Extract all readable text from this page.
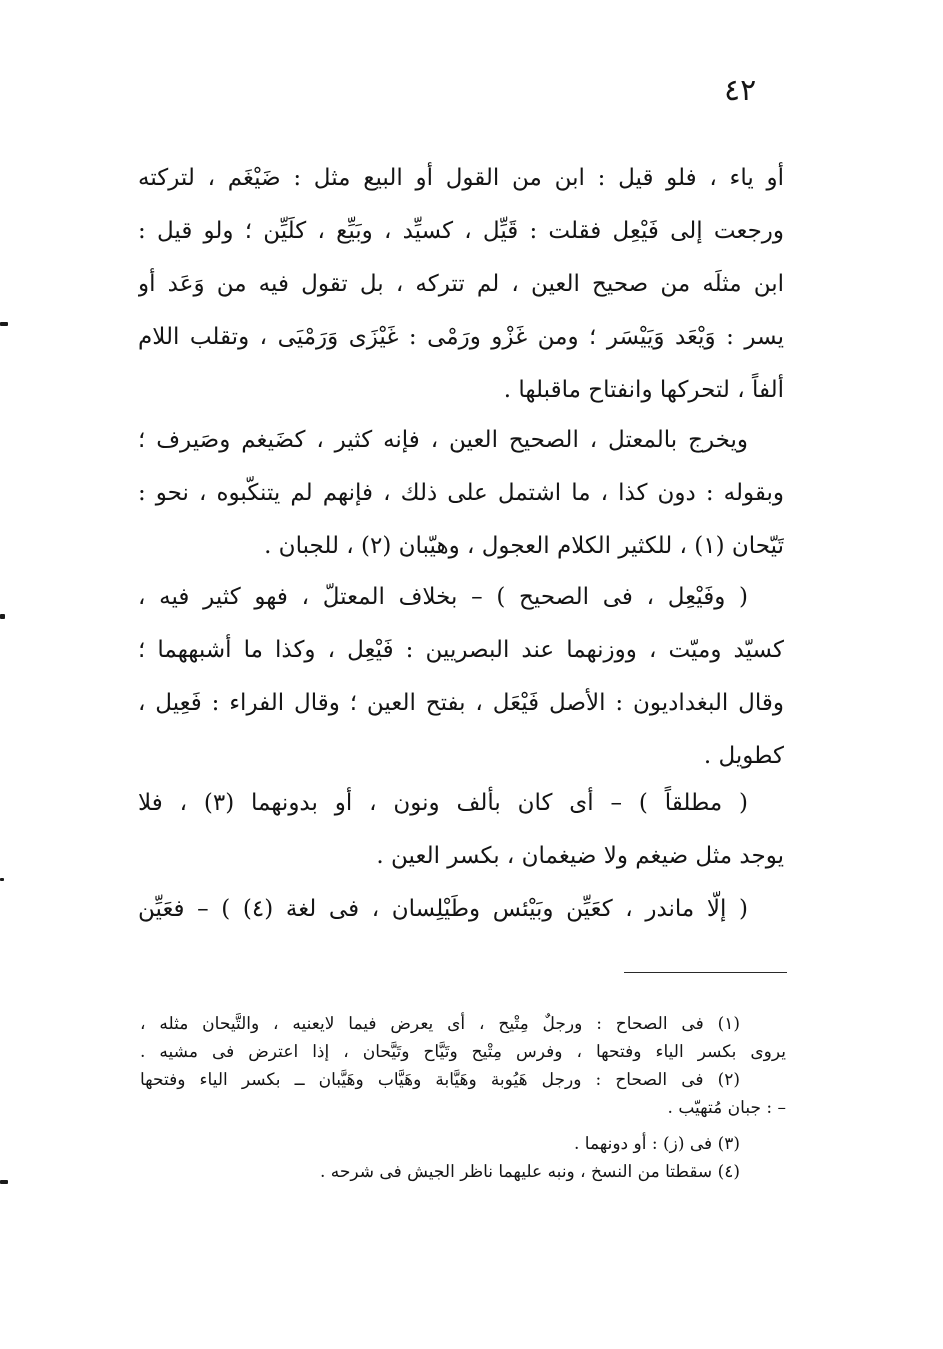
٤٢
أو ياء ، فلو قيل : ابن من القول أو البيع مثل : ضَيْغَم ، لتركته
ورجعت إلى فَيْعِل فقلت : قَيِّل ، كسيِّد ، وبَيِّع ، كلَيِّن ؛ ولو قيل :
ابن مثلَه من صحيح العين ، لم تتركه ، بل تقول فيه من وَعَد أو
يسر : وَيْعَد وَيَيْسَر ؛ ومن غَزْو ورَمْى : غَيْزَى وَرَمْيَى ، وتقلب اللام
ألفاً ، لتحركها وانفتاح ماقبلها .
ويخرج بالمعتل ، الصحيح العين ، فإنه كثير ، كضَيغم وصَيرف ؛
وبقوله : دون كذا ، ما اشتمل على ذلك ، فإنهم لم يتنكّبوه ، نحو :
تَيّحان (١) ، للكثير الكلام العجول ، وهيّبان (٢) ، للجبان .
( وفَيْعِل ، فى الصحيح ) – بخلاف المعتلّ ، فهو كثير فيه ،
كسيّد وميّت ، ووزنهما عند البصريين : فَيْعِل ، وكذا ما أشبههما ؛
وقال البغداديون : الأصل فَيْعَل ، بفتح العين ؛ وقال الفراء : فَعِيل ،
كطويل .
( مطلقاً ) – أى كان بألف ونون ، أو بدونهما (٣) ، فلا
يوجد مثل ضيغم ولا ضيغمان ، بكسر العين .
( إلّا ماندر ، كعَيِّن وبَيْئس وطَيْلِسان ، فى لغة (٤) ) – فعَيِّن
(١) فى الصحاح : ورجلٌ مِتْيح ، أى يعرض فيما لايعنيه ، والتَّيحان مثله ،
يروى بكسر الياء وفتحها ، وفرس مِتْيح وتَيَّاح وتَيَّحان ، إذا اعترض فى مشيه .
(٢) فى الصحاح : ورجل هَيُوبة وهَيَّابة وهَيَّاب وهَيَّبان ــ بكسر الياء وفتحها
– : جبان مُتهيّب .
(٣) فى (ز) : أو دونهما .
(٤) سقطتا من النسخ ، ونبه عليهما ناظر الجيش فى شرحه .
